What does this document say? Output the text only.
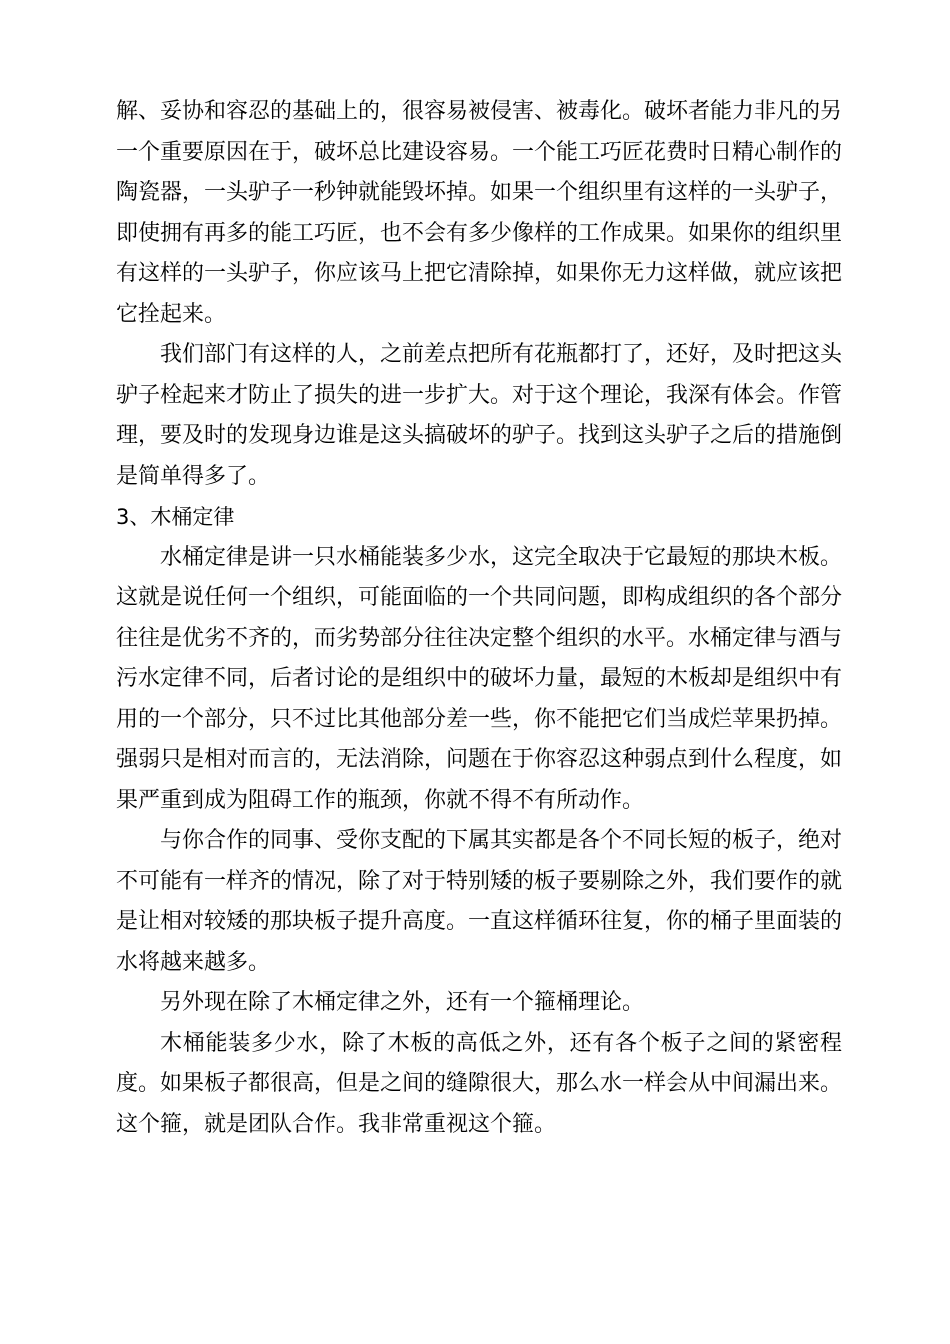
解、妥协和容忍的基础上的，很容易被侵害、被毒化。破坏者能力非凡的另一个重要原因在于，破坏总比建设容易。一个能工巧匠花费时日精心制作的陶瓷器，一头驴子一秒钟就能毁坏掉。如果一个组织里有这样的一头驴子，即使拥有再多的能工巧匠，也不会有多少像样的工作成果。如果你的组织里有这样的一头驴子，你应该马上把它清除掉，如果你无力这样做，就应该把它拴起来。

我们部门有这样的人，之前差点把所有花瓶都打了，还好，及时把这头驴子栓起来才防止了损失的进一步扩大。对于这个理论，我深有体会。作管理，要及时的发现身边谁是这头搞破坏的驴子。找到这头驴子之后的措施倒是简单得多了。

3、木桶定律

水桶定律是讲一只水桶能装多少水，这完全取决于它最短的那块木板。这就是说任何一个组织，可能面临的一个共同问题，即构成组织的各个部分往往是优劣不齐的，而劣势部分往往决定整个组织的水平。水桶定律与酒与污水定律不同，后者讨论的是组织中的破坏力量，最短的木板却是组织中有用的一个部分，只不过比其他部分差一些，你不能把它们当成烂苹果扔掉。强弱只是相对而言的，无法消除，问题在于你容忍这种弱点到什么程度，如果严重到成为阻碍工作的瓶颈，你就不得不有所动作。

与你合作的同事、受你支配的下属其实都是各个不同长短的板子，绝对不可能有一样齐的情况，除了对于特别矮的板子要剔除之外，我们要作的就是让相对较矮的那块板子提升高度。一直这样循环往复，你的桶子里面装的水将越来越多。

另外现在除了木桶定律之外，还有一个箍桶理论。

木桶能装多少水，除了木板的高低之外，还有各个板子之间的紧密程度。如果板子都很高，但是之间的缝隙很大，那么水一样会从中间漏出来。这个箍，就是团队合作。我非常重视这个箍。
